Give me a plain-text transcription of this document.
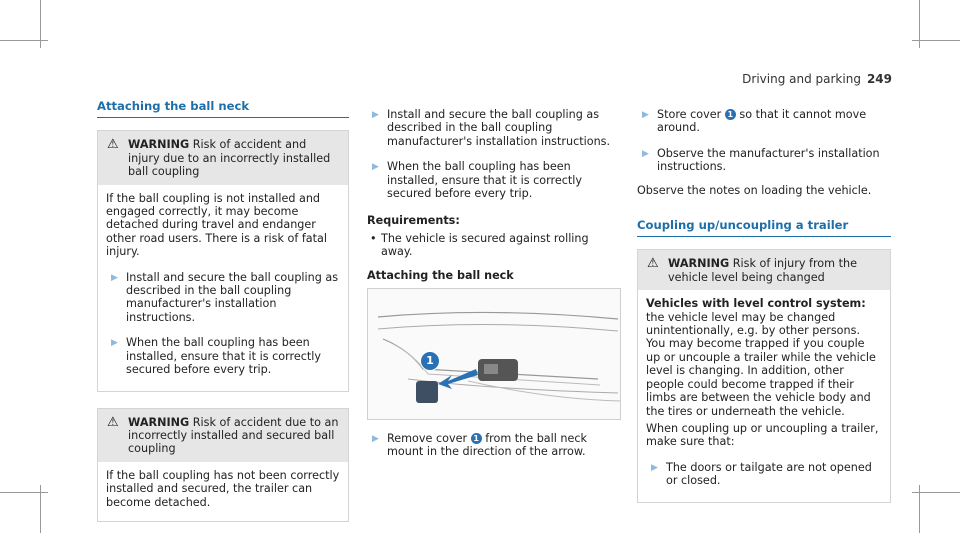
Driving and parking 249
Attaching the ball neck
⚠ WARNING Risk of accident and injury due to an incorrectly installed ball coupling

If the ball coupling is not installed and engaged correctly, it may become detached during travel and endanger other road users. There is a risk of fatal injury.

▶ Install and secure the ball coupling as described in the ball coupling manufacturer's installation instructions.
▶ When the ball coupling has been installed, ensure that it is correctly secured before every trip.
⚠ WARNING Risk of accident due to an incorrectly installed and secured ball coupling

If the ball coupling has not been correctly installed and secured, the trailer can become detached.

▶ Install and secure the ball coupling as described in the ball coupling manufacturer's installation instructions.
▶ When the ball coupling has been installed, ensure that it is correctly secured before every trip.
Requirements:
• The vehicle is secured against rolling away.
Attaching the ball neck
1
▶ Remove cover 1 from the ball neck mount in the direction of the arrow.
▶ Store cover 1 so that it cannot move around.
▶ Observe the manufacturer's installation instructions.
Observe the notes on loading the vehicle.
Coupling up/uncoupling a trailer
⚠ WARNING Risk of injury from the vehicle level being changed

Vehicles with level control system: the vehicle level may be changed unintentionally, e.g. by other persons. You may become trapped if you couple up or uncouple a trailer while the vehicle level is changing. In addition, other people could become trapped if their limbs are between the vehicle body and the tires or underneath the vehicle.

When coupling up or uncoupling a trailer, make sure that:

▶ The doors or tailgate are not opened or closed.
